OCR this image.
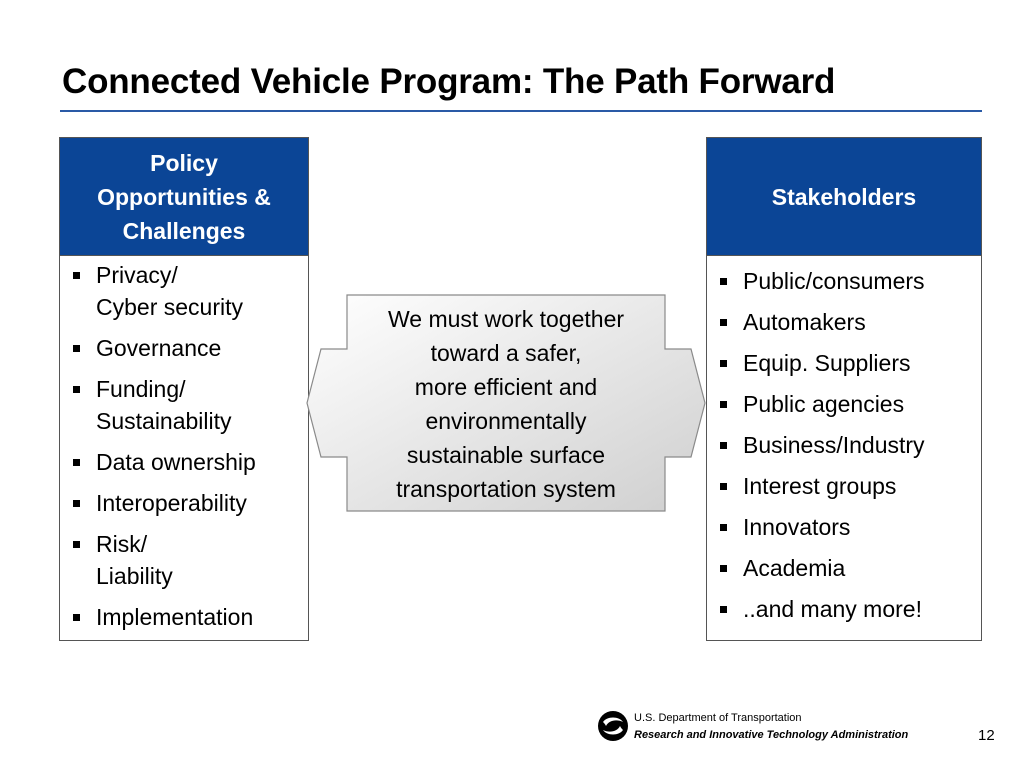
Connected Vehicle Program: The Path Forward
Policy
Opportunities &
Challenges
Privacy/
Cyber security
Governance
Funding/
Sustainability
Data ownership
Interoperability
Risk/
Liability
Implementation
We must work together
toward a safer,
more efficient and
environmentally
sustainable surface
transportation system
Stakeholders
Public/consumers
Automakers
Equip. Suppliers
Public agencies
Business/Industry
Interest groups
Innovators
Academia
..and many more!
U.S. Department of Transportation
Research and Innovative Technology Administration	12
